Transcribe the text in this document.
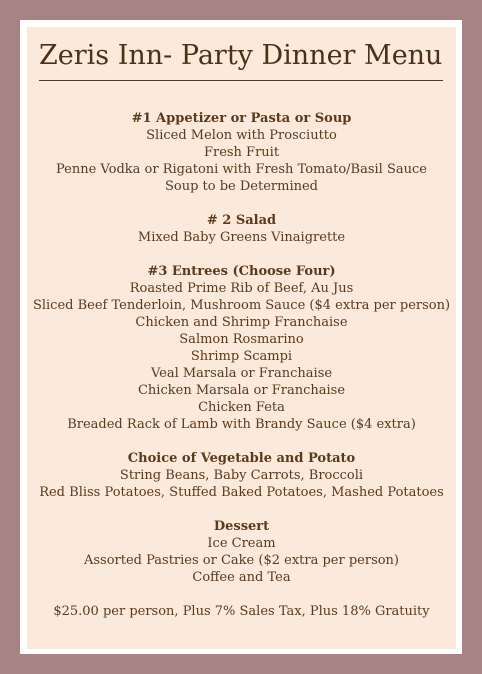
Zeris Inn- Party Dinner Menu
#1 Appetizer or Pasta or Soup
Sliced Melon with Prosciutto
Fresh Fruit
Penne Vodka or Rigatoni with Fresh Tomato/Basil Sauce
Soup to be Determined
# 2 Salad
Mixed Baby Greens Vinaigrette
#3 Entrees (Choose Four)
Roasted Prime Rib of Beef, Au Jus
Sliced Beef Tenderloin, Mushroom Sauce ($4 extra per person)
Chicken and Shrimp Franchaise
Salmon Rosmarino
Shrimp Scampi
Veal Marsala or Franchaise
Chicken Marsala or Franchaise
Chicken Feta
Breaded Rack of Lamb with Brandy Sauce ($4 extra)
Choice of Vegetable and Potato
String Beans, Baby Carrots, Broccoli
Red Bliss Potatoes, Stuffed Baked Potatoes, Mashed Potatoes
Dessert
Ice Cream
Assorted Pastries or Cake ($2 extra per person)
Coffee and Tea
$25.00 per person, Plus 7% Sales Tax, Plus 18% Gratuity
